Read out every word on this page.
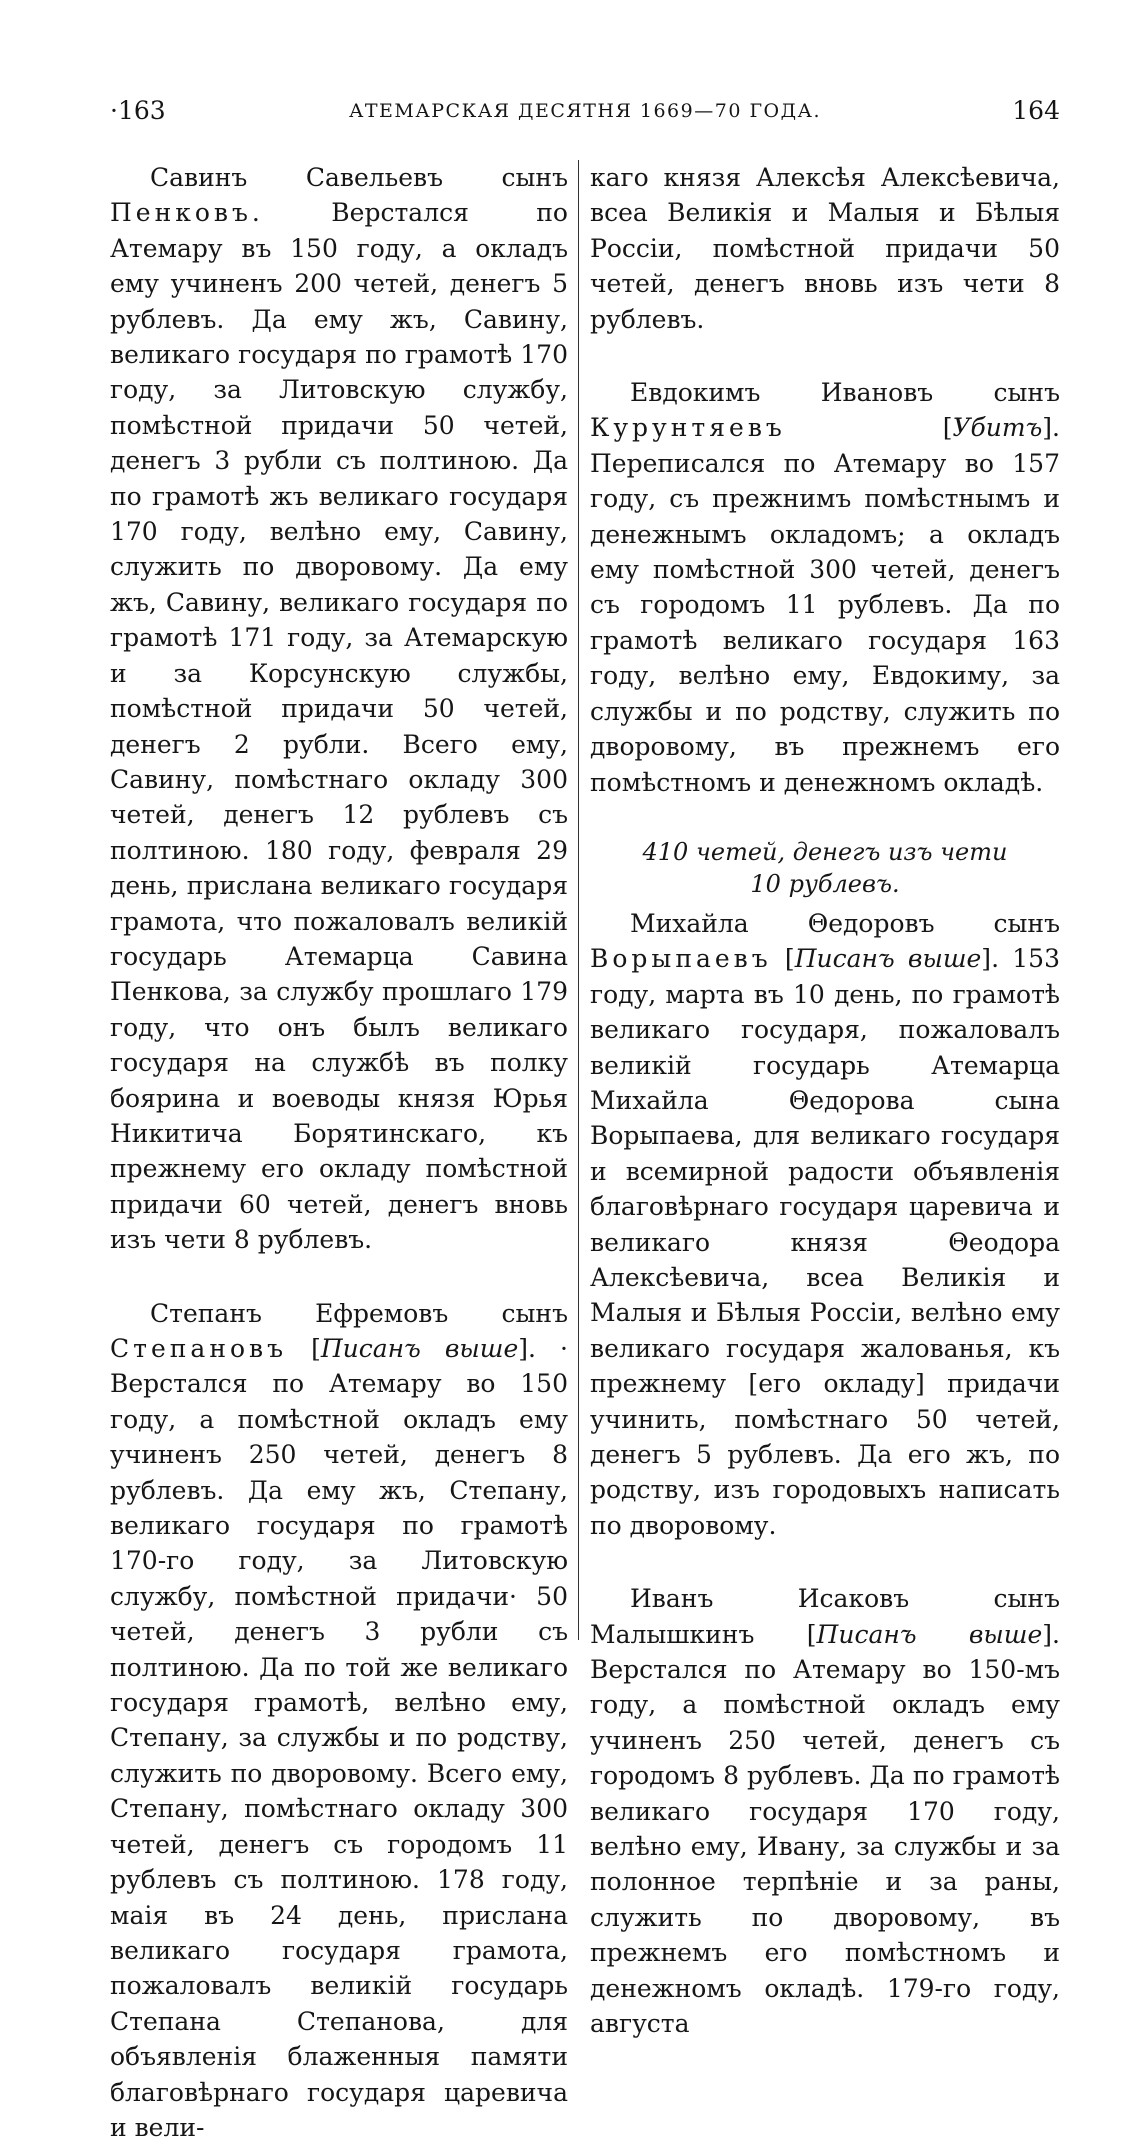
·163	АТЕМАРСКАЯ ДЕСЯТНЯ 1669—70 ГОДА.	164

Савинъ Савельевъ сынъ Пенковъ.	Верстался по Атемару въ 150 году, а окладъ ему учиненъ 200 четей, денегъ 5 рублевъ. Да ему жъ, Савину, великаго государя по грамотѣ 170 году, за Литовскую службу, помѣстной придачи 50 четей, денегъ 3 рубли съ полтиною. Да по грамотѣ жъ великаго государя 170 году, велѣно ему, Савину, служить по дворовому. Да ему жъ, Савину, великаго государя по грамотѣ 171 году, за Атемарскую и за Корсунскую службы, помѣстной придачи 50 четей, денегъ 2 рубли. Всего ему, Савину, помѣстнаго окладу 300 четей, денегъ 12 рублевъ съ полтиною. 180 году, февраля 29 день, прислана великаго государя грамота, что пожаловалъ великій государь Атемарца Савина Пенкова, за службу прошлаго 179 году, что онъ былъ великаго государя на службѣ въ полку боярина и воеводы князя Юрья Никитича Борятинскаго, къ прежнему его окладу помѣстной придачи 60 четей, денегъ вновь изъ чети 8 рублевъ.

Степанъ Ефремовъ сынъ Степановъ [Писанъ выше]. · Верстался по Атемару во 150 году, а помѣстной окладъ ему учиненъ 250 четей, денегъ 8 рублевъ. Да ему жъ, Степану, великаго государя по грамотѣ 170-го году, за Литовскую службу, помѣстной придачи· 50 четей, денегъ 3 рубли съ полтиною. Да по той же великаго государя грамотѣ, велѣно ему, Степану, за службы и по родству, служить по дворовому. Всего ему, Степану, помѣстнаго окладу 300 четей, денегъ съ городомъ 11 рублевъ съ полтиною. 178 году, маія въ 24 день, прислана великаго государя грамота, пожаловалъ великій государь Степана Степанова, для объявленія блаженныя памяти благовѣрнаго государя царевича и вели-

каго князя Алексѣя Алексѣевича, всеа Великія и Малыя и Бѣлыя Россіи, помѣстной придачи 50 четей, денегъ вновь изъ чети 8 рублевъ.

Евдокимъ Ивановъ сынъ Курунтяевъ [Убитъ]. Переписался по Атемару во 157 году, съ прежнимъ помѣстнымъ и денежнымъ окладомъ; а окладъ ему помѣстной 300 четей, денегъ съ городомъ 11 рублевъ. Да по грамотѣ великаго государя 163 году, велѣно ему, Евдокиму, за службы и по родству, служить по дворовому, въ прежнемъ его помѣстномъ и денежномъ окладѣ.

410 четей, денегъ изъ чети 10 рублевъ.

Михайла Θедоровъ сынъ Ворыпаевъ [Писанъ выше]. 153 году, марта въ 10 день, по грамотѣ великаго государя, пожаловалъ великій государь Атемарца Михайла Θедорова сына Ворыпаева, для великаго государя и всемирной радости объявленія благовѣрнаго государя царевича и великаго князя Θеодора Алексѣевича, всеа Великія и Малыя и Бѣлыя Россіи, велѣно ему великаго государя жалованья, къ прежнему [его окладу] придачи учинить, помѣстнаго 50 четей, денегъ 5 рублевъ. Да его жъ, по родству, изъ городовыхъ написать по дворовому.

Иванъ Исаковъ сынъ Малышкинъ [Писанъ выше]. Верстался по Атемару во 150-мъ году, а помѣстной окладъ ему учиненъ 250 четей, денегъ съ городомъ 8 рублевъ. Да по грамотѣ великаго государя 170 году, велѣно ему, Ивану, за службы и за полонное терпѣніе и за раны, служить по дворовому, въ прежнемъ его помѣстномъ и денежномъ окладѣ. 179-го году, августа
